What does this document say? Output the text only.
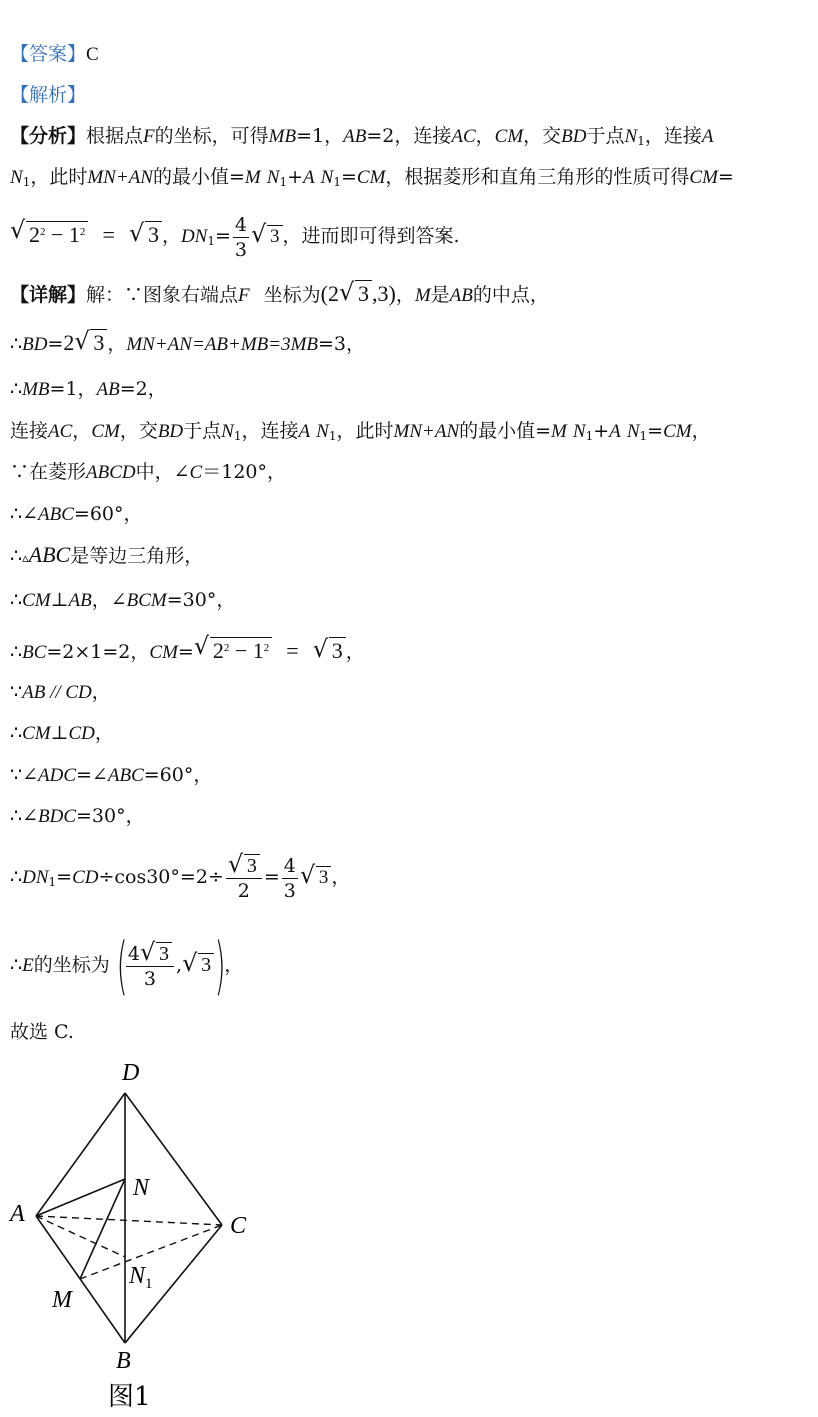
【答案】C
【解析】
【分析】根据点F的坐标，可得MB=1，AB=2，连接AC，CM，交BD于点$N_1$，连接A
$N_1$，此时MN+AN的最小值=M $N_1+A$ $N_1=CM$，根据菱形和直角三角形的性质可得CM=
√ $2^2 - 1^2$ = √ 3 ，$DN_1= \frac{4}{3}$ √ 3 ，进而即可得到答案.
【详解】解：∵图象右端点F 坐标为(2 √ 3 ,3)，M是AB的中点，
∴BD=2 √ 3 ，MN+AN=AB+MB=3MB=3，
∴MB=1，AB=2，
连接AC，CM，交BD于点$N_1$，连接A $N_1$，此时MN+AN的最小值=M $N_1+A$ $N_1=CM$，
∵在菱形ABCD中，∠C＝120°，
∴∠ABC=60°，
∴▵ABC是等边三角形，
∴CM⊥AB，∠BCM=30°，
∴BC=2×1=2，CM= √ $2^2 - 1^2$ = √ 3 ，
∵AB // CD，
∴CM⊥CD，
∵∠ADC=∠ABC=60°，
∴∠BDC=30°，
$\therefore DN_1=CD\div\cos 30^\circ=2\div$ √ $\frac{3}{2} = \frac{4}{3}$ √ 3 ，
∴E的坐标为 (
$\frac{4 √ 3}{3}$ , √ 3)，
故选 C.
D
A	C
N
M
$N_1$
B
图1
